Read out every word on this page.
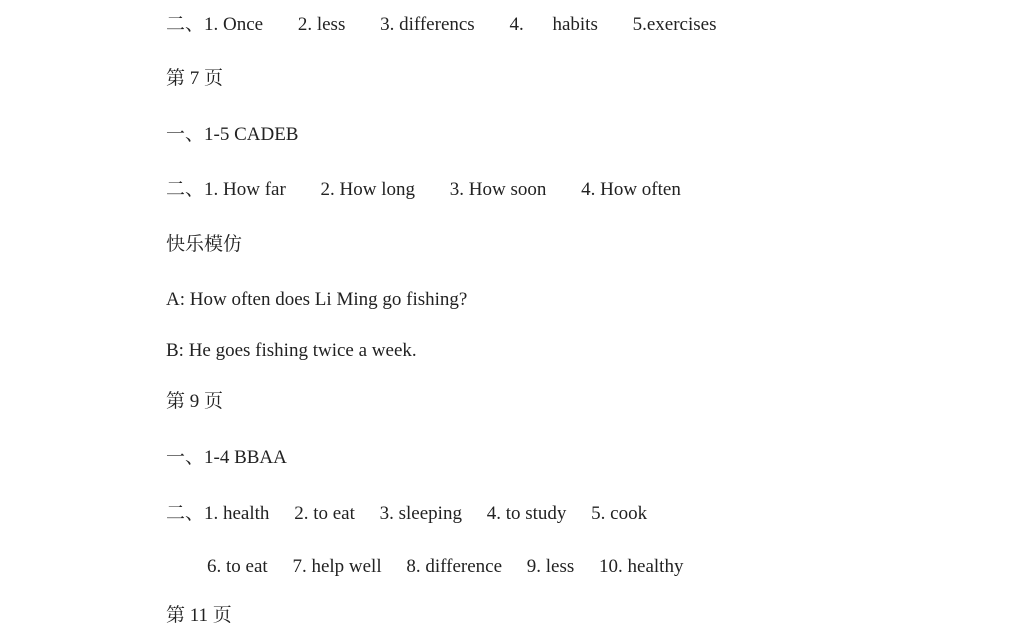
二、1. Once 2. less 3. differencs 4. habits 5.exercises
第 7 页
一、1-5 CADEB
二、1. How far 2. How long 3. How soon 4. How often
快乐模仿
A: How often does Li Ming go fishing?
B: He goes fishing twice a week.
第 9 页
一、1-4 BBAA
二、1. health 2. to eat 3. sleeping 4. to study 5. cook
6. to eat 7. help well 8. difference 9. less 10. healthy
第 11 页
